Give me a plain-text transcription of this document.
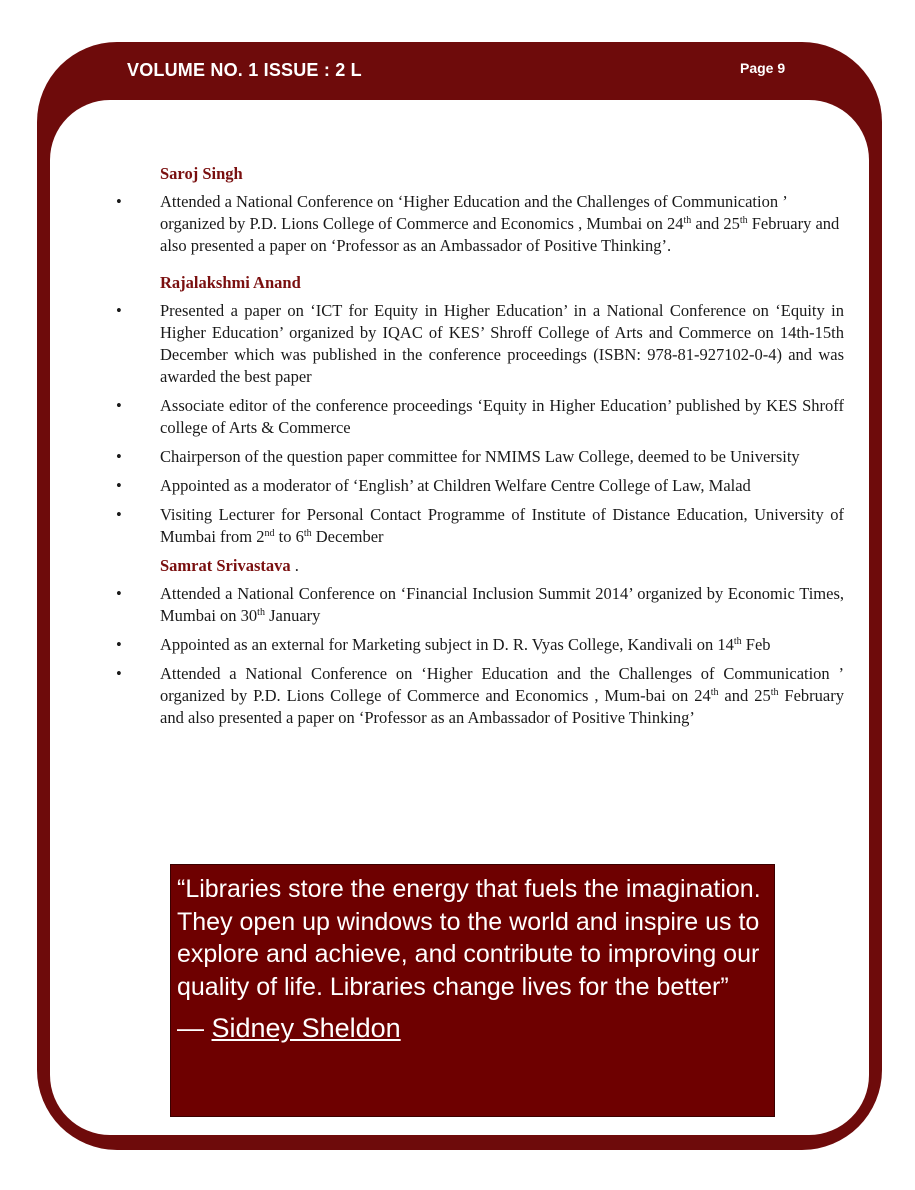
VOLUME NO. 1 ISSUE : 2 L	Page 9
Saroj Singh
• Attended a National Conference on ‘Higher Education and the Challenges of Communication ’ organized by P.D. Lions College of Commerce and Economics , Mumbai on 24th and 25th February and also presented a paper on ‘Professor as an Ambassador of Positive Thinking’.
Rajalakshmi Anand
• Presented a paper on ‘ICT for Equity in Higher Education’ in a National Conference on ‘Equity in Higher Education’ organized by IQAC of KES’ Shroff College of Arts and Commerce on 14th-15th December which was published in the conference proceedings (ISBN: 978-81-927102-0-4) and was awarded the best paper
• Associate editor of the conference proceedings ‘Equity in Higher Education’ published by KES Shroff college of Arts & Commerce
• Chairperson of the question paper committee for NMIMS Law College, deemed to be University
• Appointed as a moderator of ‘English’ at Children Welfare Centre College of Law, Malad
• Visiting Lecturer for Personal Contact Programme of Institute of Distance Education, University of Mumbai from 2nd to 6th December
Samrat Srivastava .
• Attended a National Conference on ‘Financial Inclusion Summit 2014’ organized by Economic Times, Mumbai on 30th January
• Appointed as an external for Marketing subject in D. R. Vyas College, Kandivali on 14th Feb
• Attended a National Conference on ‘Higher Education and the Challenges of Communication ’ organized by P.D. Lions College of Commerce and Economics , Mum-bai on 24th and 25th February and also presented a paper on ‘Professor as an Ambassador of Positive Thinking’
“Libraries store the energy that fuels the imagination. They open up windows to the world and inspire us to explore and achieve, and contribute to improving our quality of life. Libraries change lives for the better”
— Sidney Sheldon
